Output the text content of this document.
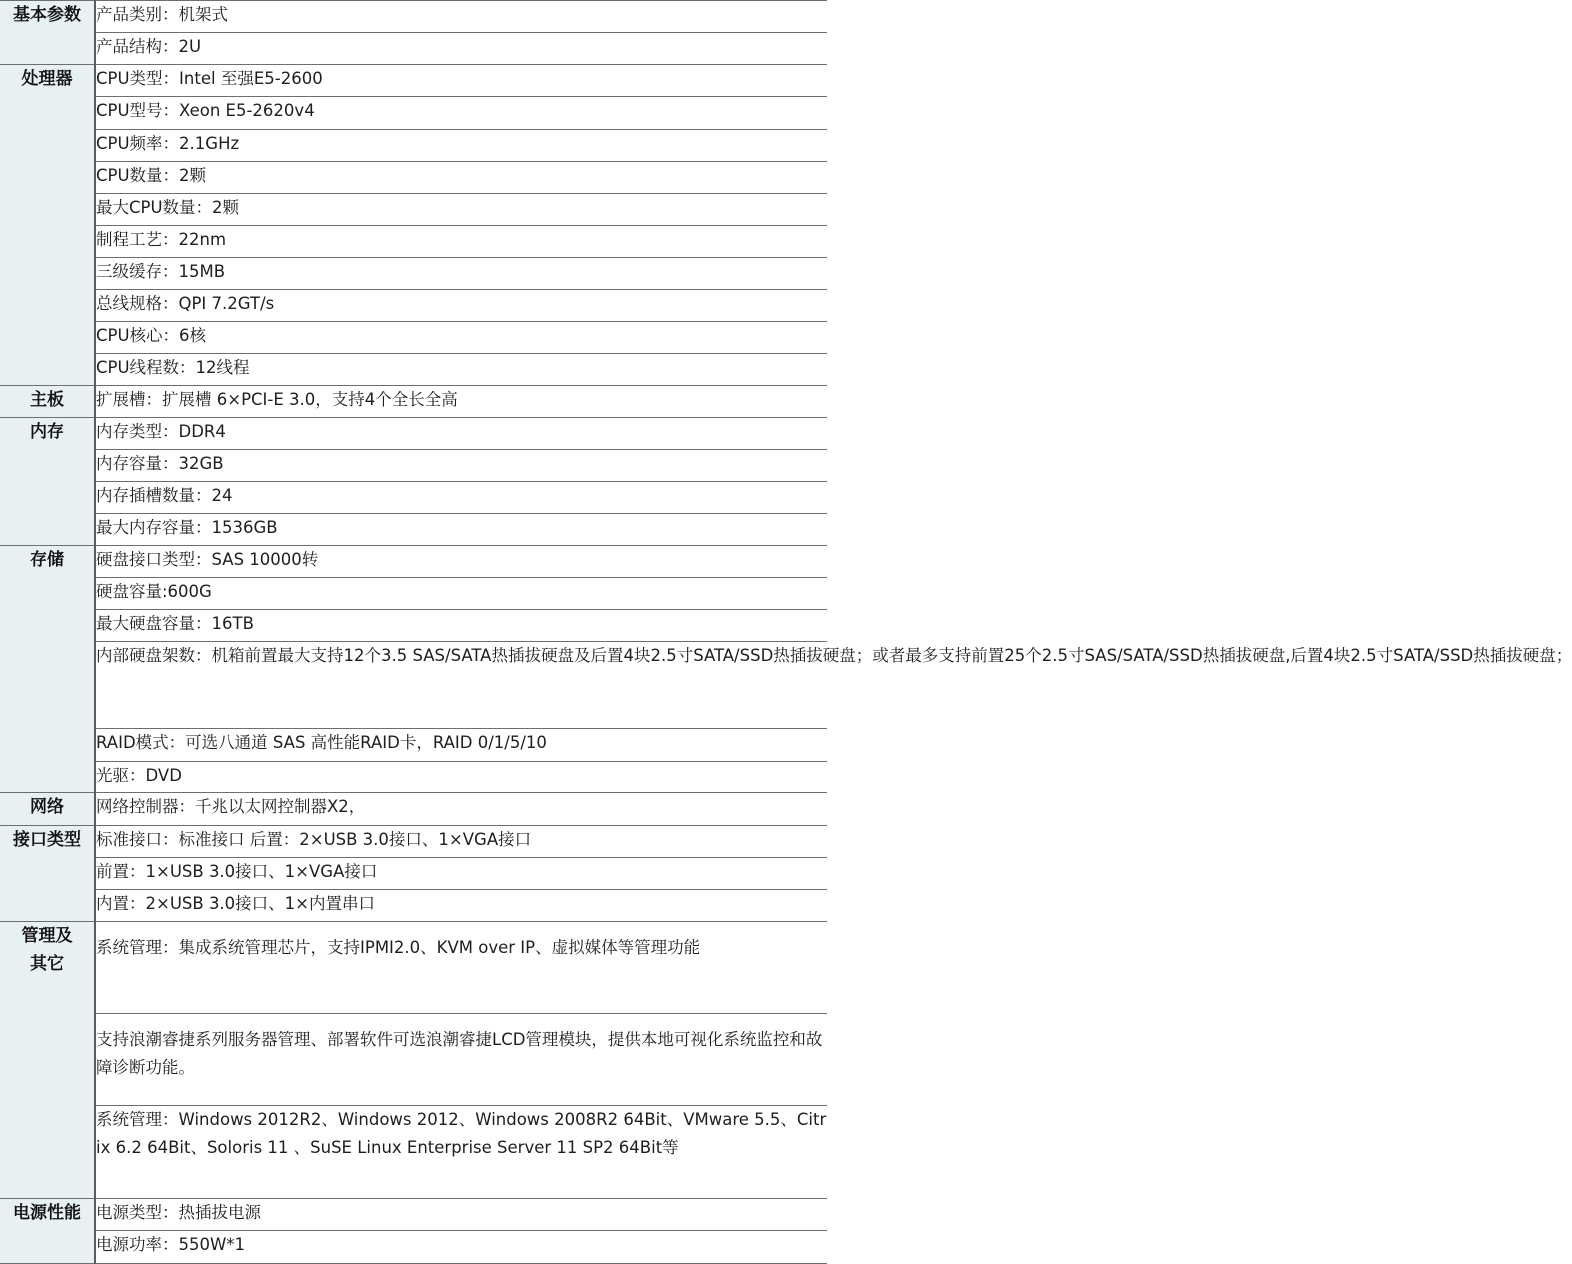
基本参数	产品类别：机架式
	产品结构：2U

处理器	CPU类型：Intel 至强E5-2600
	CPU型号：Xeon E5-2620v4
	CPU频率：2.1GHz
	CPU数量：2颗
	最大CPU数量：2颗
	制程工艺：22nm
	三级缓存：15MB
	总线规格：QPI 7.2GT/s
	CPU核心：6核
	CPU线程数：12线程

主板	扩展槽：扩展槽 6×PCI-E 3.0，支持4个全长全高

内存	内存类型：DDR4
	内存容量：32GB
	内存插槽数量：24
	最大内存容量：1536GB

存储	硬盘接口类型：SAS 10000转
	硬盘容量:600G
	最大硬盘容量：16TB
	内部硬盘架数：机箱前置最大支持12个3.5 SAS/SATA热插拔硬盘及后置4块2.5寸SATA/SSD热插拔硬盘；或者最多支持前置25个2.5寸SAS/SATA/SSD热插拔硬盘,后置4块2.5寸SATA/SSD热插拔硬盘；
	RAID模式：可选八通道 SAS 高性能RAID卡，RAID 0/1/5/10
	光驱：DVD

网络	网络控制器：千兆以太网控制器X2，

接口类型	标准接口：标准接口 后置：2×USB 3.0接口、1×VGA接口
	前置：1×USB 3.0接口、1×VGA接口
	内置：2×USB 3.0接口、1×内置串口

管理及其它	系统管理：集成系统管理芯片，支持IPMI2.0、KVM over IP、虚拟媒体等管理功能
	支持浪潮睿捷系列服务器管理、部署软件可选浪潮睿捷LCD管理模块，提供本地可视化系统监控和故障诊断功能。
	系统管理：Windows 2012R2、Windows 2012、Windows 2008R2 64Bit、VMware 5.5、Citrix 6.2 64Bit、Soloris 11 、SuSE Linux Enterprise Server 11 SP2 64Bit等

电源性能	电源类型：热插拔电源
	电源功率：550W*1
